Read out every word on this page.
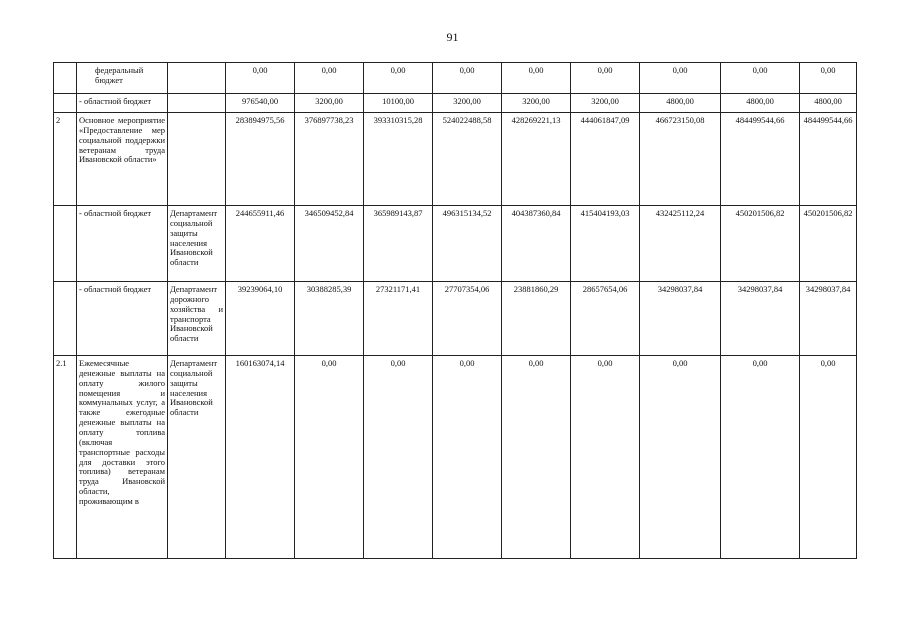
91
	федеральный бюджет		0,00	0,00	0,00	0,00	0,00	0,00	0,00	0,00	0,00
	- областной бюджет		976540,00	3200,00	10100,00	3200,00	3200,00	3200,00	4800,00	4800,00	4800,00
2	Основное мероприятие «Предоставление мер социальной поддержки ветеранам труда Ивановской области»		283894975,56	376897738,23	393310315,28	524022488,58	428269221,13	444061847,09	466723150,08	484499544,66	484499544,66
	- областной бюджет	Департамент социальной защиты населения Ивановской области	244655911,46	346509452,84	365989143,87	496315134,52	404387360,84	415404193,03	432425112,24	450201506,82	450201506,82
	- областной бюджет	Департамент дорожного хозяйства и транспорта Ивановской области	39239064,10	30388285,39	27321171,41	27707354,06	23881860,29	28657654,06	34298037,84	34298037,84	34298037,84
2.1	Ежемесячные денежные выплаты на оплату жилого помещения и коммунальных услуг, а также ежегодные денежные выплаты на оплату топлива (включая транспортные расходы для доставки этого топлива) ветеранам труда Ивановской области, проживающим в	Департамент социальной защиты населения Ивановской области	160163074,14	0,00	0,00	0,00	0,00	0,00	0,00	0,00	0,00
